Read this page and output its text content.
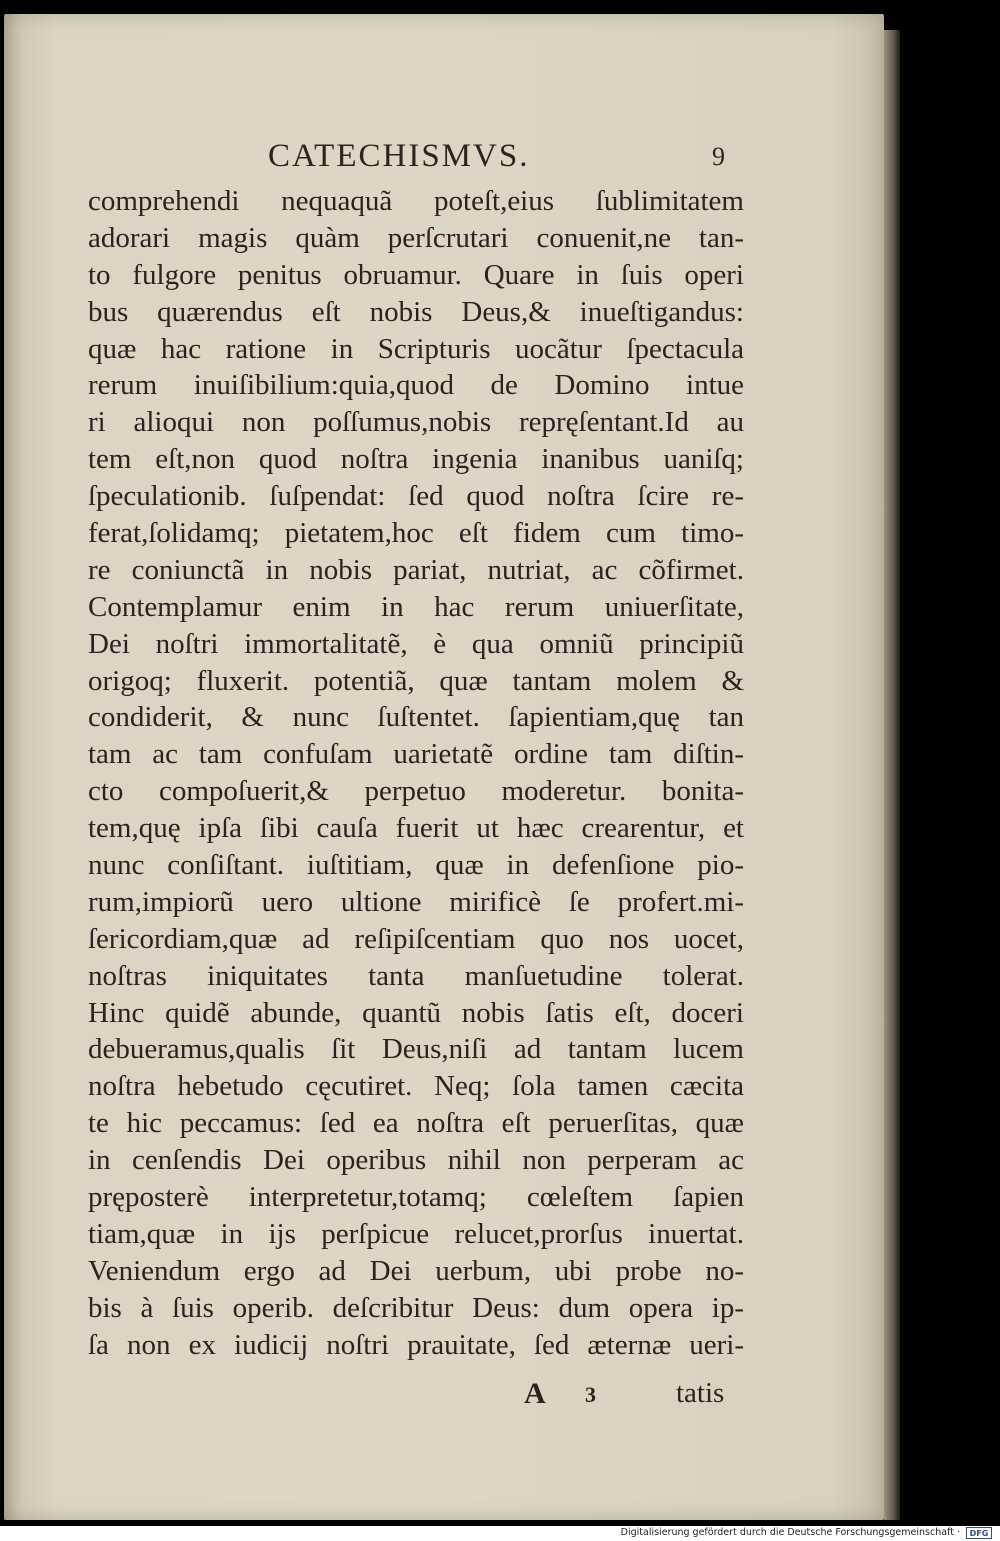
CATECHISMVS.	9
comprehendi nequaquã poteſt,eius ſublimitatem
adorari magis quàm perſcrutari conuenit,ne tan-
to fulgore penitus obruamur. Quare in ſuis operi
bus quærendus eſt nobis Deus,& inueſtigandus:
quæ hac ratione in Scripturis uocãtur ſpectacula
rerum inuiſibilium:quia,quod de Domino intue
ri alioqui non poſſumus,nobis repręſentant.Id au
tem eſt,non quod noſtra ingenia inanibus uaniſq;
ſpeculationib. ſuſpendat: ſed quod noſtra ſcire re-
ferat,ſolidamq; pietatem,hoc eſt fidem cum timo-
re coniunctã in nobis pariat, nutriat, ac cõfirmet.
Contemplamur enim in hac rerum uniuerſitate,
Dei noſtri immortalitatẽ, è qua omniũ principiũ
origoq; fluxerit. potentiã, quæ tantam molem &
condiderit, & nunc ſuſtentet. ſapientiam,quę tan
tam ac tam confuſam uarietatẽ ordine tam diſtin-
cto compoſuerit,& perpetuo moderetur. bonita-
tem,quę ipſa ſibi cauſa fuerit ut hæc crearentur, et
nunc conſiſtant. iuſtitiam, quæ in defenſione pio-
rum,impiorũ uero ultione mirificè ſe profert.mi-
ſericordiam,quæ ad reſipiſcentiam quo nos uocet,
noſtras iniquitates tanta manſuetudine tolerat.
Hinc quidẽ abunde, quantũ nobis ſatis eſt, doceri
debueramus,qualis ſit Deus,niſi ad tantam lucem
noſtra hebetudo cęcutiret. Neq; ſola tamen cæcita
te hic peccamus: ſed ea noſtra eſt peruerſitas, quæ
in cenſendis Dei operibus nihil non perperam ac
pręposterè interpretetur,totamq; cœleſtem ſapien
tiam,quæ in ijs perſpicue relucet,prorſus inuertat.
Veniendum ergo ad Dei uerbum, ubi probe no-
bis à ſuis operib. deſcribitur Deus: dum opera ip-
ſa non ex iudicij noſtri prauitate, ſed æternæ ueri-
A 3	tatis
Digitalisierung gefördert durch die Deutsche Forschungsgemeinschaft ·	DFG
